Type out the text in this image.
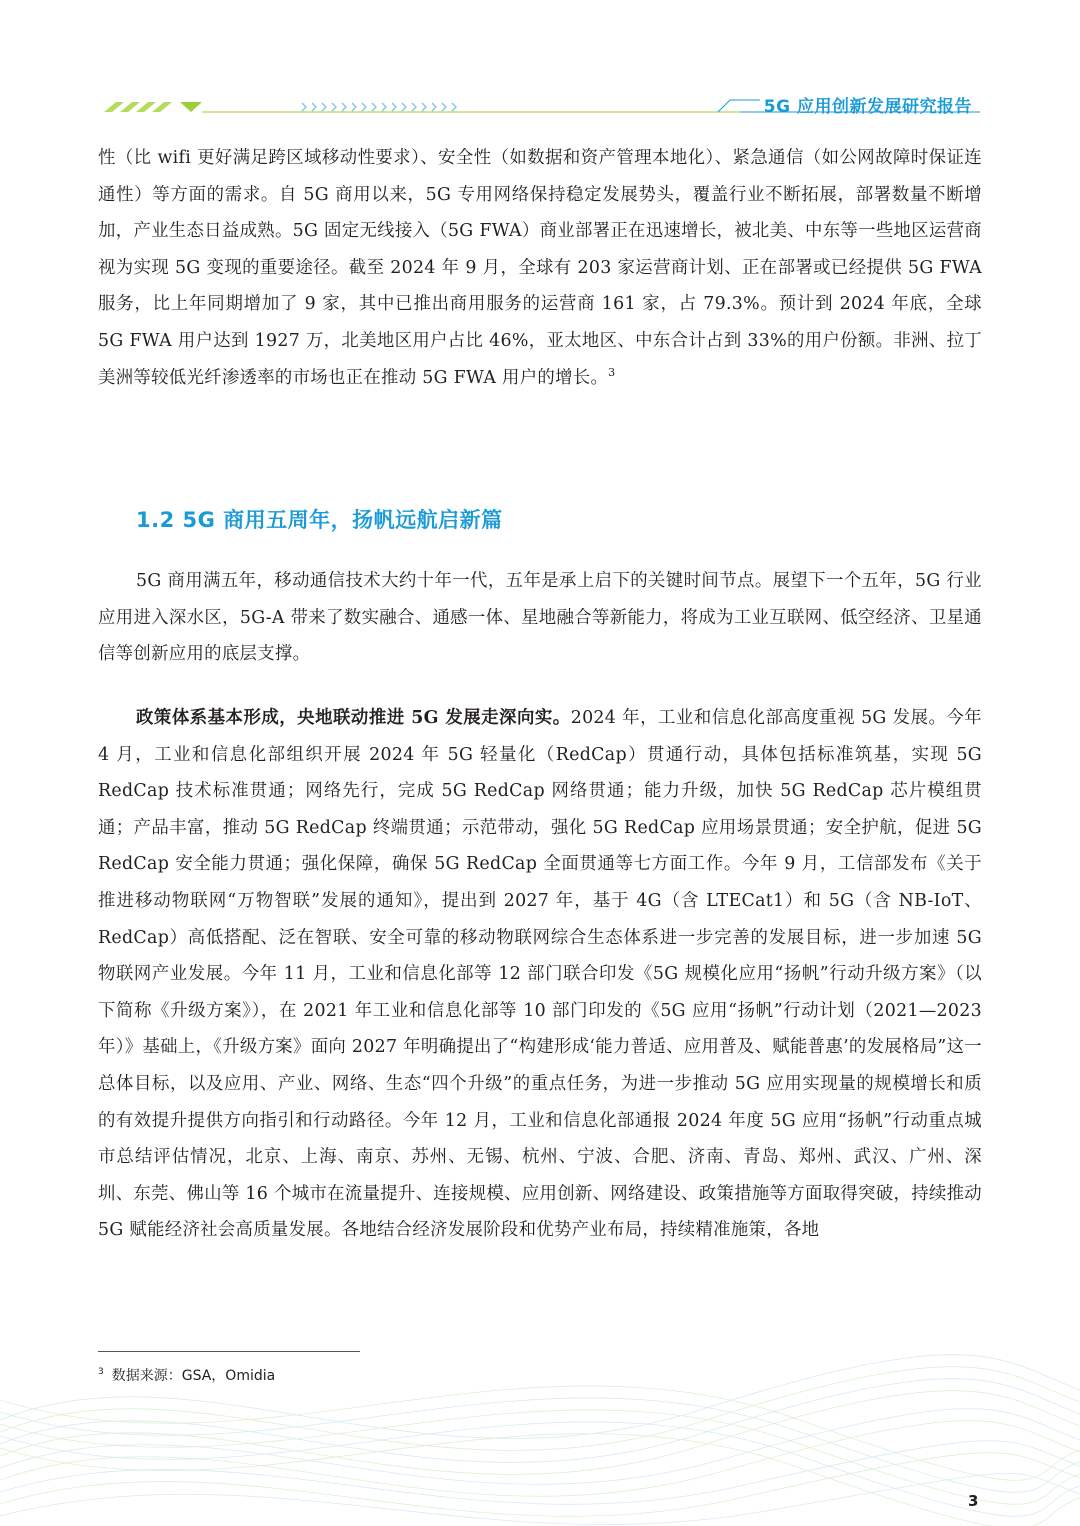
5G 应用创新发展研究报告
性（比 wifi 更好满足跨区域移动性要求）、安全性（如数据和资产管理本地化）、紧急通信（如公网故障时保证连通性）等方面的需求。自 5G 商用以来，5G 专用网络保持稳定发展势头，覆盖行业不断拓展，部署数量不断增加，产业生态日益成熟。5G 固定无线接入（5G FWA）商业部署正在迅速增长，被北美、中东等一些地区运营商视为实现 5G 变现的重要途径。截至 2024 年 9 月，全球有 203 家运营商计划、正在部署或已经提供 5G FWA 服务，比上年同期增加了 9 家，其中已推出商用服务的运营商 161 家，占 79.3%。预计到 2024 年底，全球 5G FWA 用户达到 1927 万，北美地区用户占比 46%，亚太地区、中东合计占到 33%的用户份额。非洲、拉丁美洲等较低光纤渗透率的市场也正在推动 5G FWA 用户的增长。$^3$
1.2 5G 商用五周年，扬帆远航启新篇
5G 商用满五年，移动通信技术大约十年一代，五年是承上启下的关键时间节点。展望下一个五年，5G 行业应用进入深水区，5G-A 带来了数实融合、通感一体、星地融合等新能力，将成为工业互联网、低空经济、卫星通信等创新应用的底层支撑。
政策体系基本形成，央地联动推进 5G 发展走深向实。2024 年，工业和信息化部高度重视 5G 发展。今年 4 月，工业和信息化部组织开展 2024 年 5G 轻量化（RedCap）贯通行动，具体包括标准筑基，实现 5G RedCap 技术标准贯通；网络先行，完成 5G RedCap 网络贯通；能力升级，加快 5G RedCap 芯片模组贯通；产品丰富，推动 5G RedCap 终端贯通；示范带动，强化 5G RedCap 应用场景贯通；安全护航，促进 5G RedCap 安全能力贯通；强化保障，确保 5G RedCap 全面贯通等七方面工作。今年 9 月，工信部发布《关于推进移动物联网“万物智联”发展的通知》，提出到 2027 年，基于 4G（含 LTECat1）和 5G（含 NB-IoT、RedCap）高低搭配、泛在智联、安全可靠的移动物联网综合生态体系进一步完善的发展目标，进一步加速 5G 物联网产业发展。今年 11 月，工业和信息化部等 12 部门联合印发《5G 规模化应用“扬帆”行动升级方案》（以下简称《升级方案》），在 2021 年工业和信息化部等 10 部门印发的《5G 应用“扬帆”行动计划（2021—2023 年）》基础上，《升级方案》面向 2027 年明确提出了“构建形成‘能力普适、应用普及、赋能普惠’的发展格局”这一总体目标，以及应用、产业、网络、生态“四个升级”的重点任务，为进一步推动 5G 应用实现量的规模增长和质的有效提升提供方向指引和行动路径。今年 12 月，工业和信息化部通报 2024 年度 5G 应用“扬帆”行动重点城市总结评估情况，北京、上海、南京、苏州、无锡、杭州、宁波、合肥、济南、青岛、郑州、武汉、广州、深圳、东莞、佛山等 16 个城市在流量提升、连接规模、应用创新、网络建设、政策措施等方面取得突破，持续推动 5G 赋能经济社会高质量发展。各地结合经济发展阶段和优势产业布局，持续精准施策，各地
$^3$ 数据来源：GSA，Omidia
3
